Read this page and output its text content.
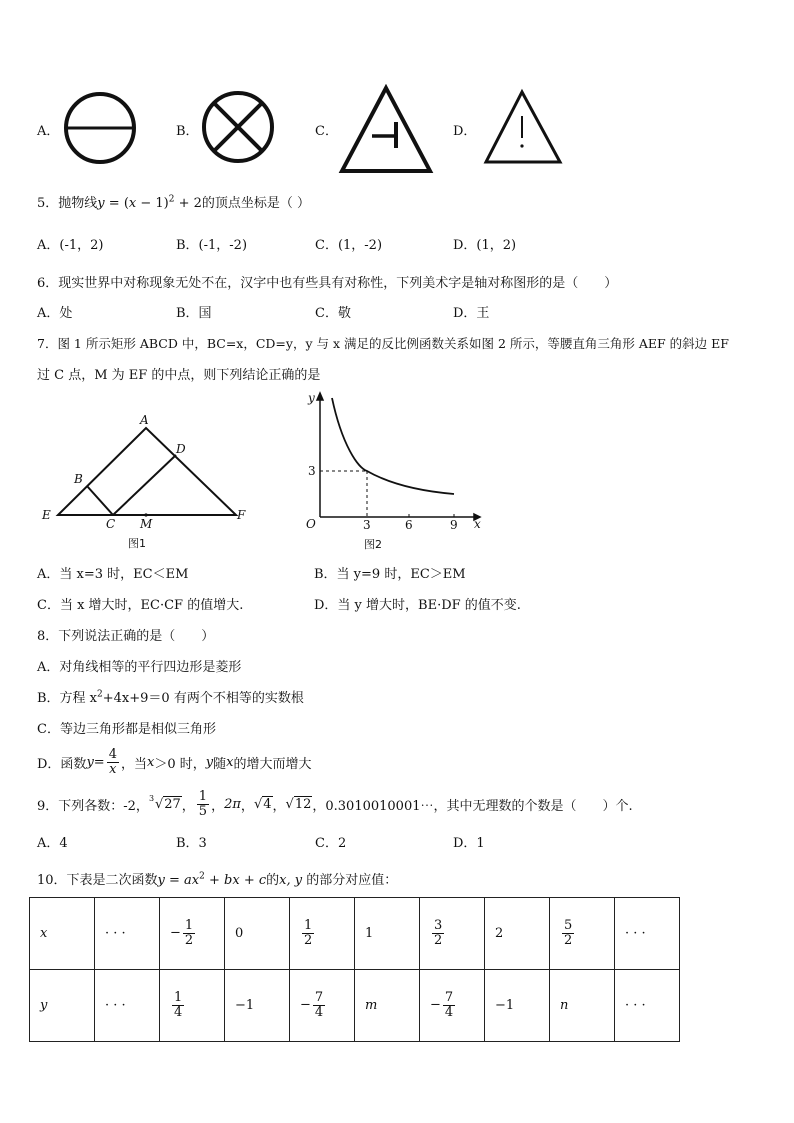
A．	B．	C．	D．
5．抛物线$y = (x - 1)^2 + 2$的顶点坐标是（ ）
A．(-1，2)	B．(-1，-2)	C．(1，-2)	D．(1，2)
6．现实世界中对称现象无处不在，汉字中也有些具有对称性，下列美术字是轴对称图形的是（　　）
A．处	B．国	C．敬	D．王
7．图 1 所示矩形 ABCD 中，BC=x，CD=y，y 与 x 满足的反比例函数关系如图 2 所示，等腰直角三角形 AEF 的斜边 EF
过 C 点，M 为 EF 的中点，则下列结论正确的是
A
D
B
E
C M
F
图1
y
x
O
3
3	6	9
图2
A．当 x=3 时，EC＜EM	B．当 y=9 时，EC＞EM
C．当 x 增大时，EC·CF 的值增大.	D．当 y 增大时，BE·DF 的值不变.
8．下列说法正确的是（　　）
A．对角线相等的平行四边形是菱形
B．方程 $x^2+4x+9=0$ 有两个不相等的实数根
C．等边三角形都是相似三角形
D．函数 $y = \frac{4}{x}$ ，当 x ＞0 时， y 随 x 的增大而增大
9．下列各数：-2，
3 √27 ， $\frac{1}{5}$ ， 2π ， √4 ， √12 ，0.3010010001⋯，其中无理数的个数是（　　）个.
A．4	B．3	C．2	D．1
10．下表是二次函数$y = ax^2$ + bx + c的x, y 的部分对应值：
x	· · ·	− $\frac{1}{2}$	0	$\frac{1}{2}$	1	$\frac{3}{2}$	2	$\frac{5}{2}$	· · ·
y	· · ·	$\frac{1}{4}$	−1	− $\frac{7}{4}$	m	− $\frac{7}{4}$	−1	n	· · ·
